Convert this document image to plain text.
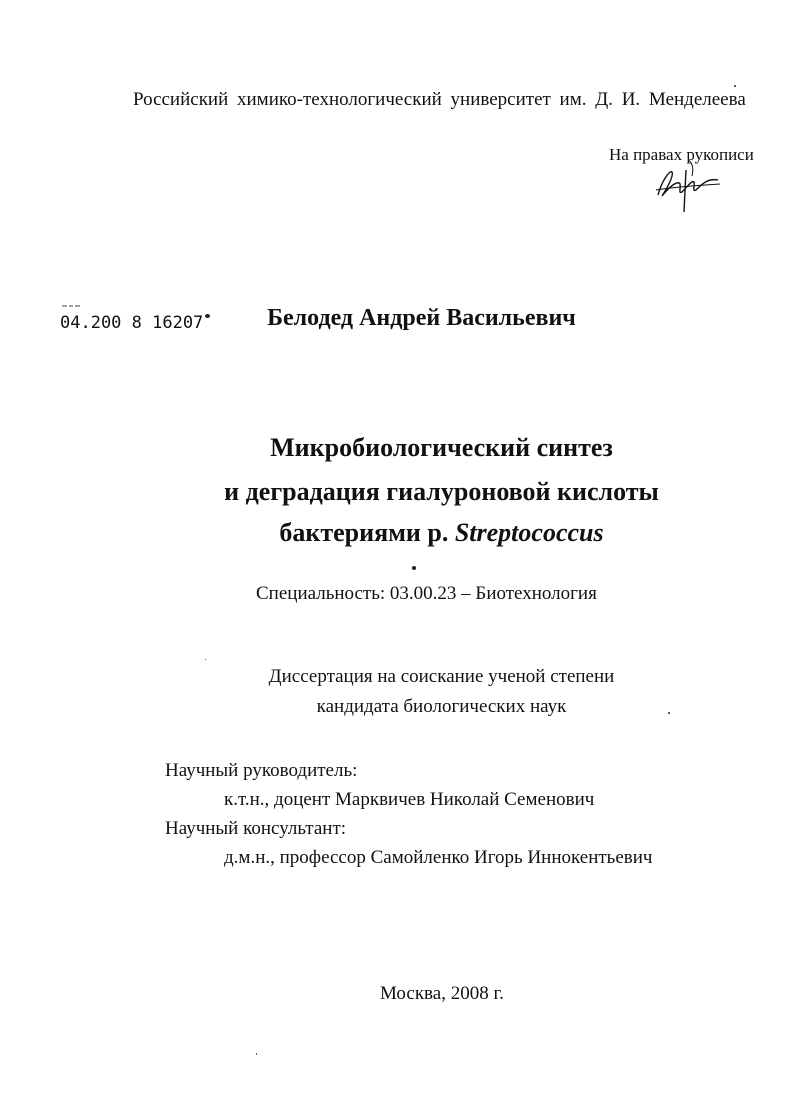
Российский химико-технологический университет им. Д. И. Менделеева
На правах рукописи
04.200 8 16207	Белодед Андрей Васильевич
Микробиологический синтез
и деградация гиалуроновой кислоты
бактериями р. Streptococcus
Специальность: 03.00.23 – Биотехнология
Диссертация на соискание ученой степени
кандидата биологических наук
Научный руководитель:
к.т.н., доцент Марквичев Николай Семенович
Научный консультант:
д.м.н., профессор Самойленко Игорь Иннокентьевич
Москва, 2008 г.
